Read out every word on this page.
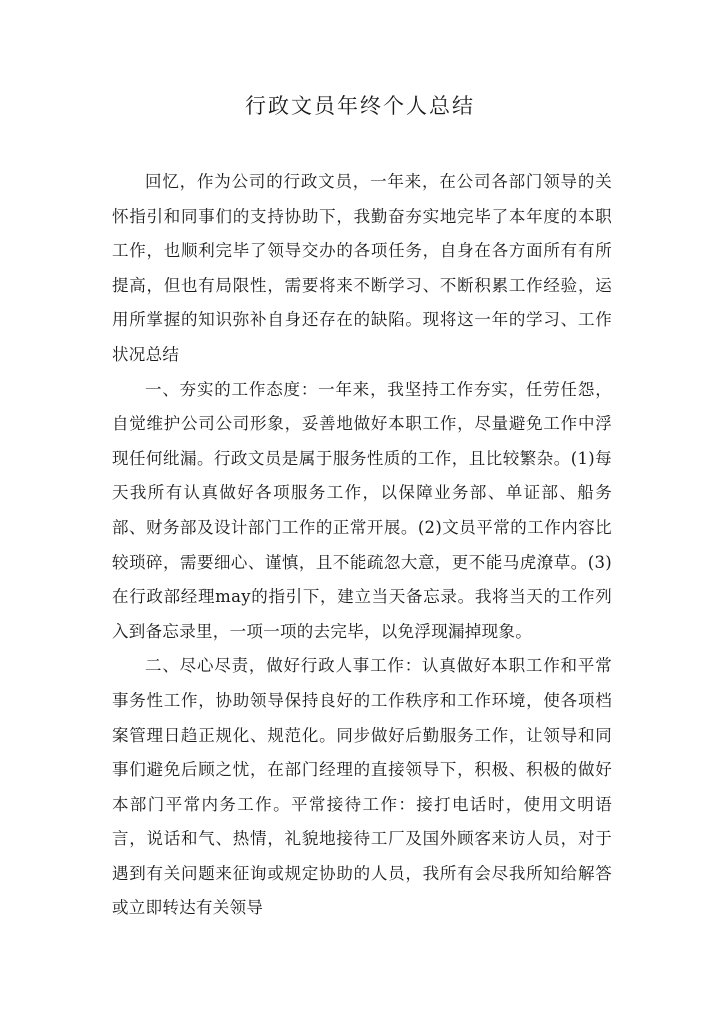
行政文员年终个人总结

回忆，作为公司的行政文员，一年来，在公司各部门领导的关怀指引和同事们的支持协助下，我勤奋夯实地完毕了本年度的本职工作，也顺利完毕了领导交办的各项任务，自身在各方面所有有所提高，但也有局限性，需要将来不断学习、不断积累工作经验，运用所掌握的知识弥补自身还存在的缺陷。现将这一年的学习、工作状况总结

一、夯实的工作态度：一年来，我坚持工作夯实，任劳任怨，自觉维护公司公司形象，妥善地做好本职工作，尽量避免工作中浮现任何纰漏。行政文员是属于服务性质的工作，且比较繁杂。(1)每天我所有认真做好各项服务工作，以保障业务部、单证部、船务部、财务部及设计部门工作的正常开展。(2)文员平常的工作内容比较琐碎，需要细心、谨慎，且不能疏忽大意，更不能马虎潦草。(3)在行政部经理may的指引下，建立当天备忘录。我将当天的工作列入到备忘录里，一项一项的去完毕，以免浮现漏掉现象。

二、尽心尽责，做好行政人事工作：认真做好本职工作和平常事务性工作，协助领导保持良好的工作秩序和工作环境，使各项档案管理日趋正规化、规范化。同步做好后勤服务工作，让领导和同事们避免后顾之忧，在部门经理的直接领导下，积极、积极的做好本部门平常内务工作。平常接待工作：接打电话时，使用文明语言，说话和气、热情，礼貌地接待工厂及国外顾客来访人员，对于遇到有关问题来征询或规定协助的人员，我所有会尽我所知给解答或立即转达有关领导
